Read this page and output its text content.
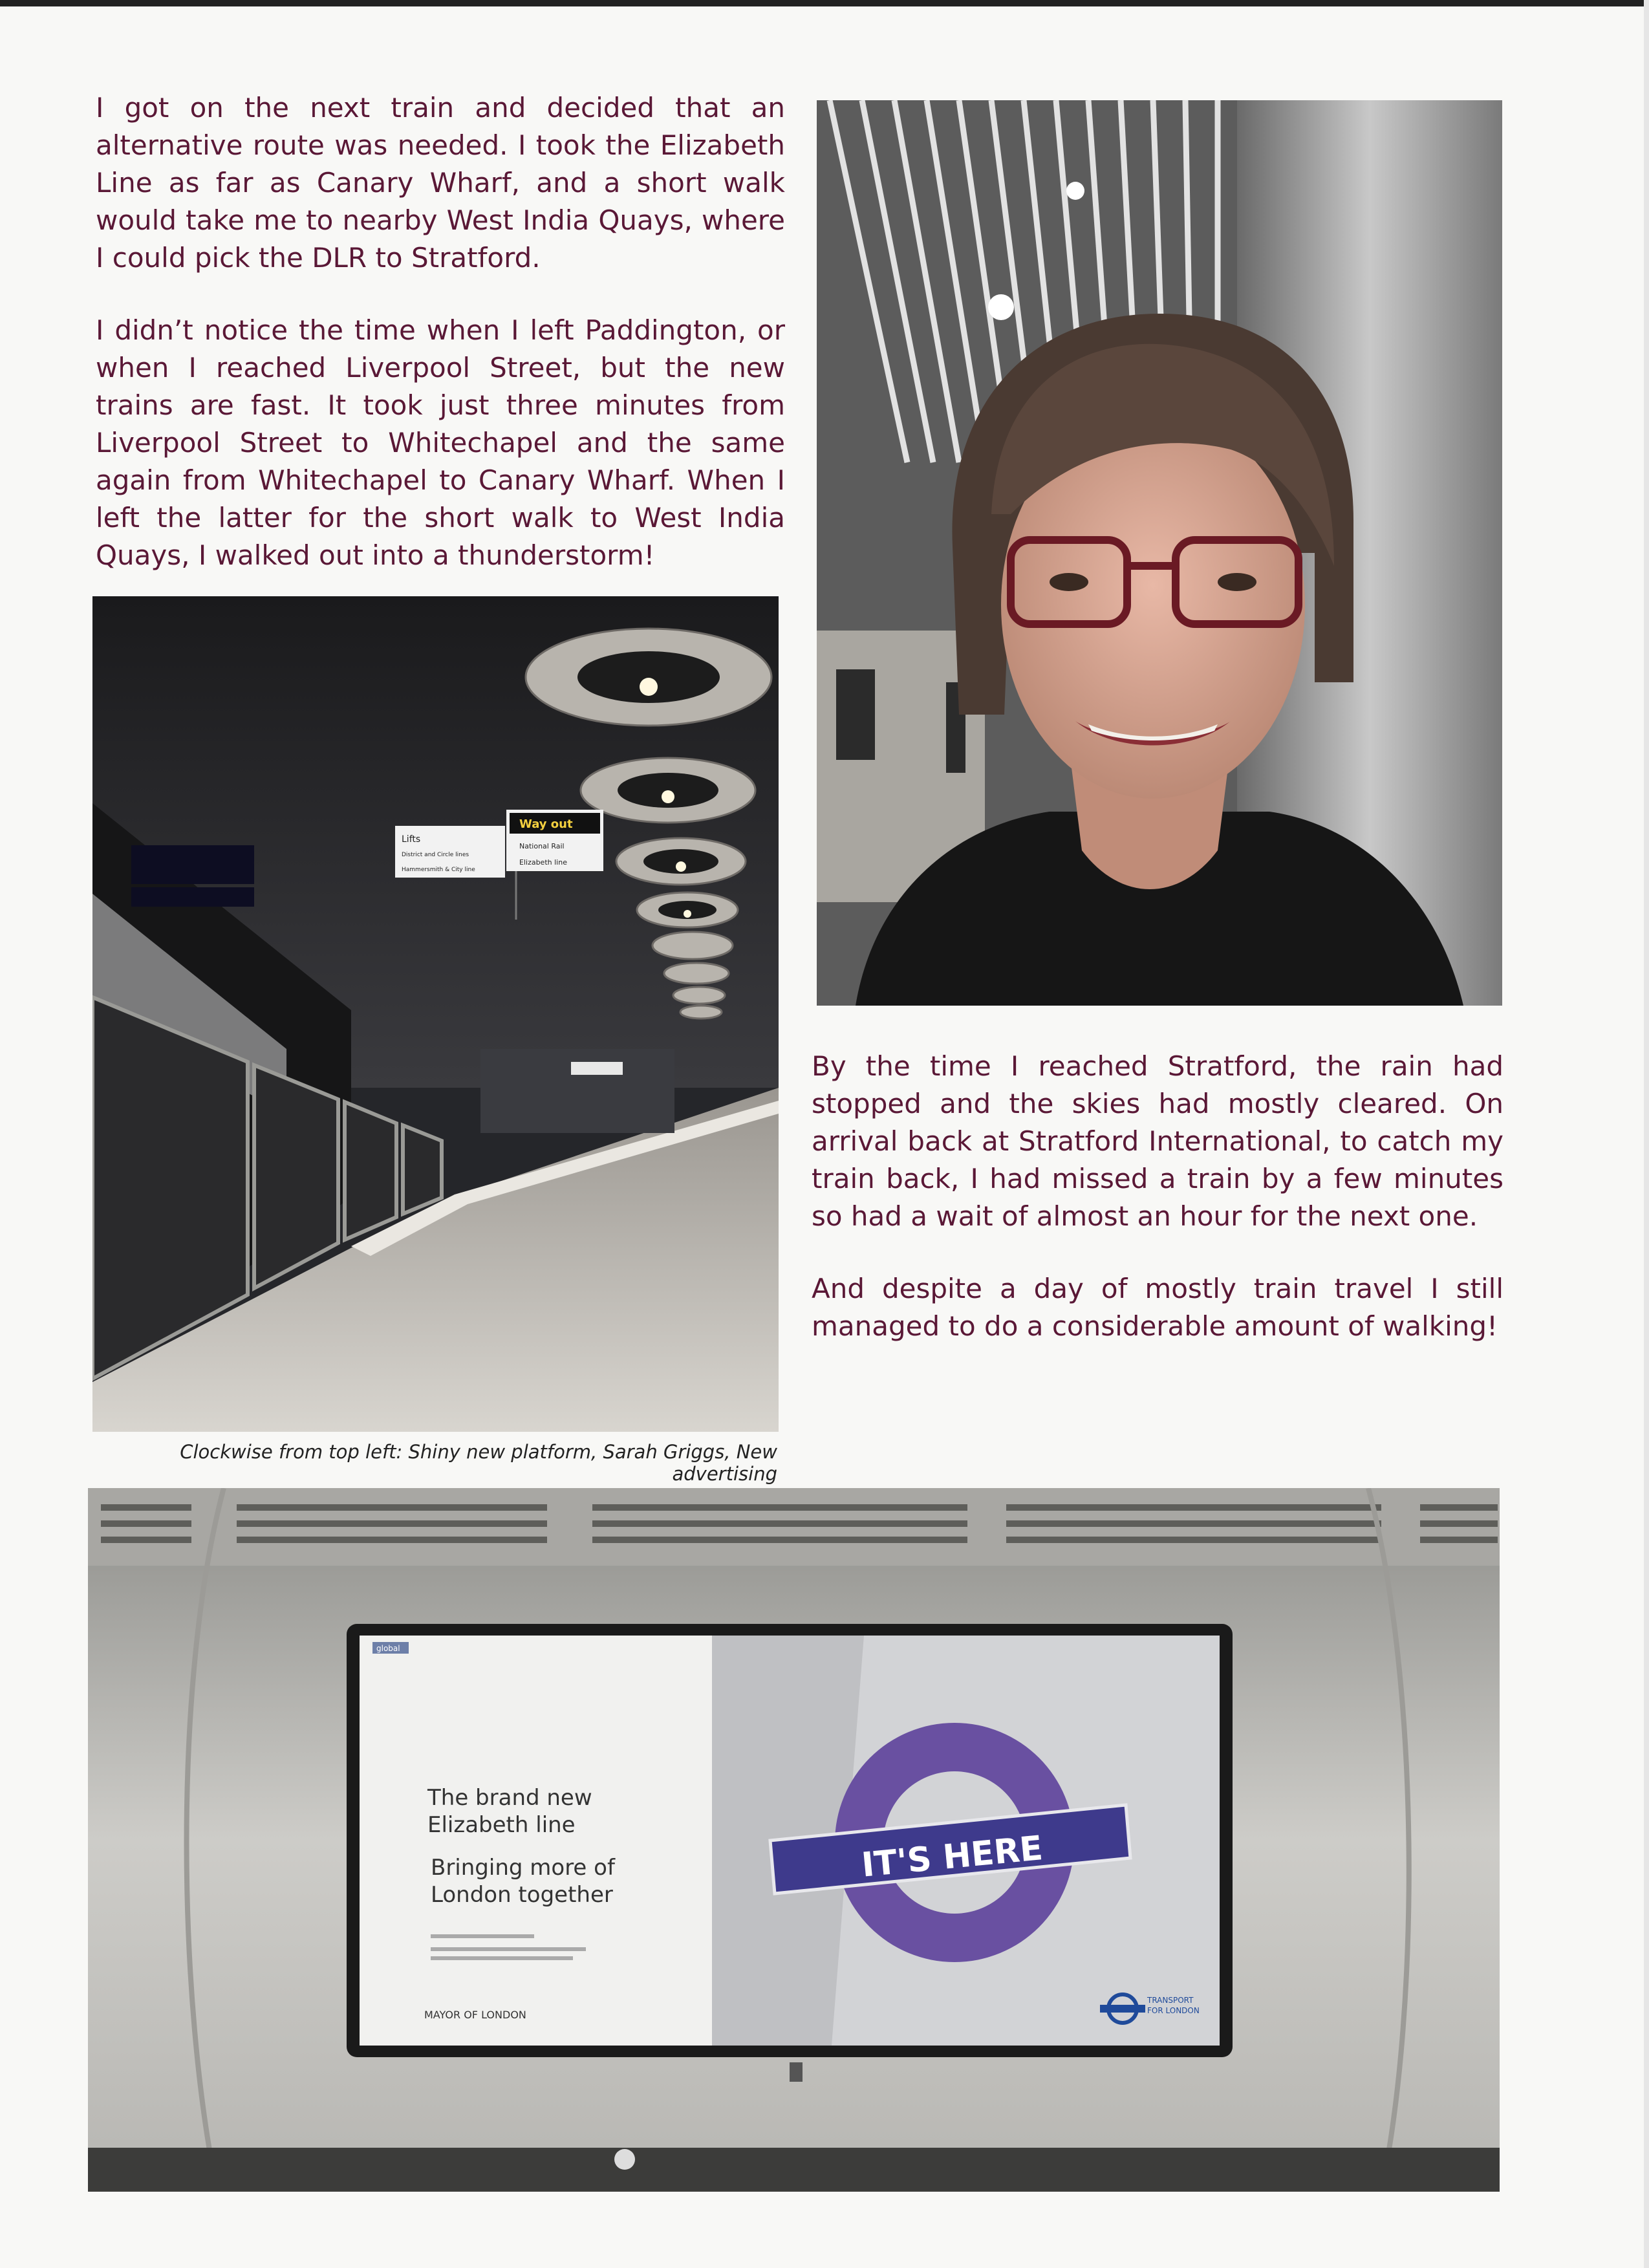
I got on the next train and decided that an alternative route was needed. I took the Elizabeth Line as far as Canary Wharf, and a short walk would take me to nearby West India Quays, where I could pick the DLR to Stratford.

I didn’t notice the time when I left Paddington, or when I reached Liverpool Street, but the new trains are fast. It took just three minutes from Liverpool Street to Whitechapel and the same again from Whitechapel to Canary Wharf. When I left the latter for the short walk to West India Quays, I walked out into a thunderstorm!

Lifts
District and Circle lines
Hammersmith & City line
Way out
National Rail
Elizabeth line
Clockwise from top left: Shiny new platform, Sarah Griggs, New advertising

By the time I reached Stratford, the rain had stopped and the skies had mostly cleared. On arrival back at Stratford International, to catch my train back, I had missed a train by a few minutes so had a wait of almost an hour for the next one.

And despite a day of mostly train travel I still managed to do a considerable amount of walking!

global
The brand new
Elizabeth line
Bringing more of
London together
MAYOR OF LONDON
IT'S HERE
TRANSPORT
FOR LONDON
